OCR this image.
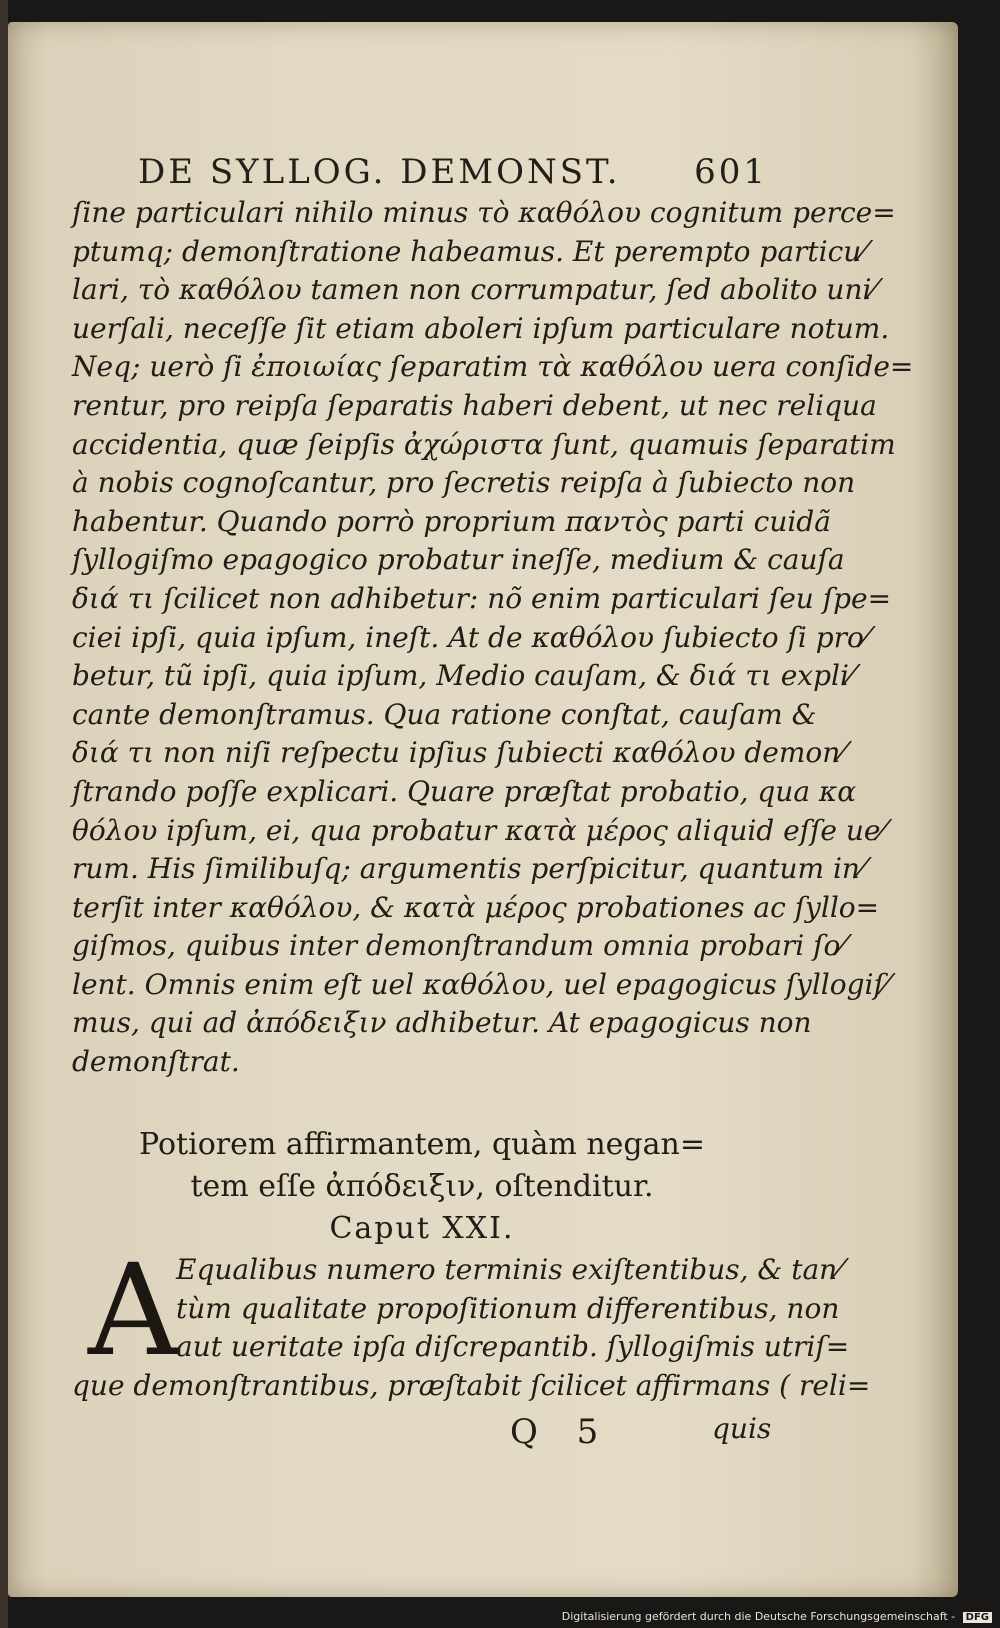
DE SYLLOG. DEMONST. 601
ſine particulari nihilo minus τὸ καθόλου cognitum perce=
ptumq; demonſtratione habeamus. Et perempto particu⁄
lari, τὸ καθόλου tamen non corrumpatur, ſed abolito uni⁄
uerſali, neceſſe ſit etiam aboleri ipſum particulare notum.
Neq; uerò ſi ἐποιωίας ſeparatim τὰ καθόλου uera conſide=
rentur, pro reipſa ſeparatis haberi debent, ut nec reliqua
accidentia, quæ ſeipſis ἀχώριστα ſunt, quamuis ſeparatim
à nobis cognoſcantur, pro ſecretis reipſa à ſubiecto non
habentur. Quando porrò proprium παντὸς parti cuidã
ſyllogiſmo epagogico probatur ineſſe, medium & cauſa
διά τι ſcilicet non adhibetur: nõ enim particulari ſeu ſpe=
ciei ipſi, quia ipſum, ineſt. At de καθόλου ſubiecto ſi pro⁄
betur, tũ ipſi, quia ipſum, Medio cauſam, & διά τι expli⁄
cante demonſtramus. Qua ratione conſtat, cauſam &
διά τι non niſi reſpectu ipſius ſubiecti καθόλου demon⁄
ſtrando poſſe explicari. Quare præſtat probatio, qua κα
θόλου ipſum, ei, qua probatur κατὰ μέρος aliquid eſſe ue⁄
rum. His ſimilibuſq; argumentis perſpicitur, quantum in⁄
terſit inter καθόλου, & κατὰ μέρος probationes ac ſyllo=
giſmos, quibus inter demonſtrandum omnia probari ſo⁄
lent. Omnis enim eſt uel καθόλου, uel epagogicus ſyllogiſ⁄
mus, qui ad ἀπόδειξιν adhibetur. At epagogicus non
demonſtrat.
Potiorem affirmantem, quàm negan=
tem eſſe ἀπόδειξιν, oſtenditur.
Caput XXI.
A
Equalibus numero terminis exiſtentibus, & tan⁄
tùm qualitate propoſitionum differentibus, non
aut ueritate ipſa diſcrepantib. ſyllogiſmis utriſ=
que demonſtrantibus, præſtabit ſcilicet affirmans ( reli=
Q 5	quis
Digitalisierung gefördert durch die Deutsche Forschungsgemeinschaft - DFG
